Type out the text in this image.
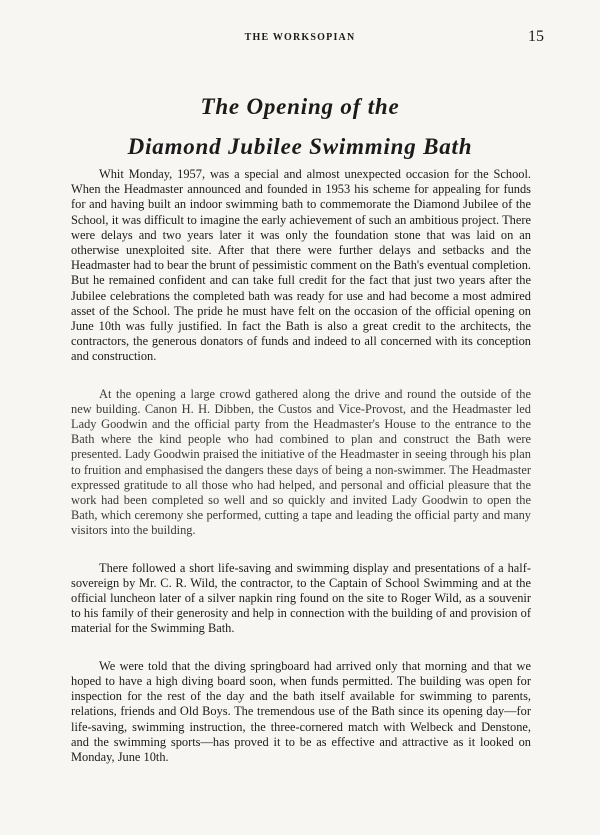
THE WORKSOPIAN	15
The Opening of the
Diamond Jubilee Swimming Bath

Whit Monday, 1957, was a special and almost unexpected occasion for the School. When the Headmaster announced and founded in 1953 his scheme for appealing for funds for and having built an indoor swimming bath to commemorate the Diamond Jubilee of the School, it was difficult to imagine the early achievement of such an ambitious project. There were delays and two years later it was only the foundation stone that was laid on an otherwise unexploited site. After that there were further delays and setbacks and the Headmaster had to bear the brunt of pessimistic comment on the Bath's eventual completion. But he remained confident and can take full credit for the fact that just two years after the Jubilee celebrations the completed bath was ready for use and had become a most admired asset of the School. The pride he must have felt on the occasion of the official opening on June 10th was fully justified. In fact the Bath is also a great credit to the architects, the contractors, the generous donators of funds and indeed to all concerned with its conception and construction.

At the opening a large crowd gathered along the drive and round the outside of the new building. Canon H. H. Dibben, the Custos and Vice-Provost, and the Headmaster led Lady Goodwin and the official party from the Headmaster's House to the entrance to the Bath where the kind people who had combined to plan and construct the Bath were presented. Lady Goodwin praised the initiative of the Headmaster in seeing through his plan to fruition and emphasised the dangers these days of being a non-swimmer. The Headmaster expressed gratitude to all those who had helped, and personal and official pleasure that the work had been completed so well and so quickly and invited Lady Goodwin to open the Bath, which ceremony she performed, cutting a tape and leading the official party and many visitors into the building.

There followed a short life-saving and swimming display and presentations of a half-sovereign by Mr. C. R. Wild, the contractor, to the Captain of School Swimming and at the official luncheon later of a silver napkin ring found on the site to Roger Wild, as a souvenir to his family of their generosity and help in connection with the building of and provision of material for the Swimming Bath.

We were told that the diving springboard had arrived only that morning and that we hoped to have a high diving board soon, when funds permitted. The building was open for inspection for the rest of the day and the bath itself available for swimming to parents, relations, friends and Old Boys. The tremendous use of the Bath since its opening day—for life-saving, swimming instruction, the three-cornered match with Welbeck and Denstone, and the swimming sports—has proved it to be as effective and attractive as it looked on Monday, June 10th.
